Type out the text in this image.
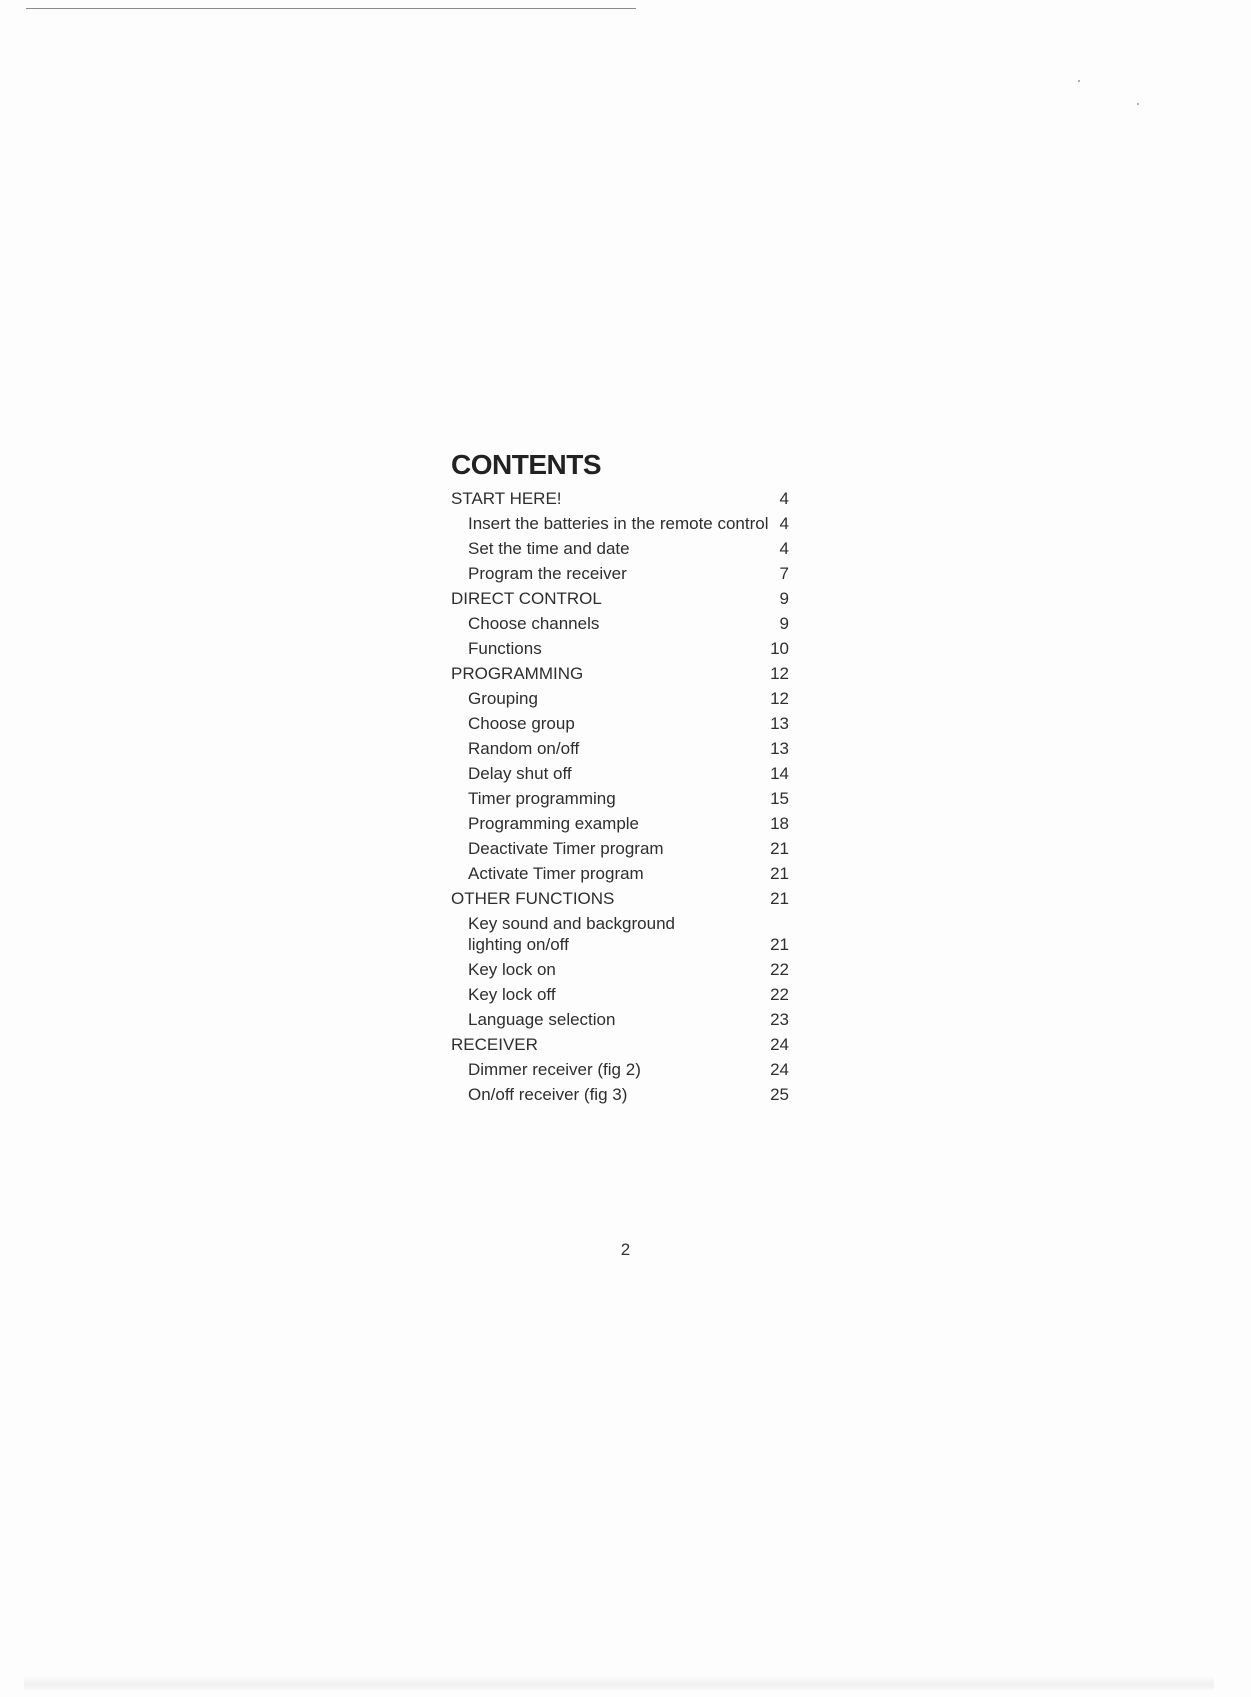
CONTENTS
START HERE!	4
Insert the batteries in the remote control 4
Set the time and date	4
Program the receiver	7
DIRECT CONTROL	9
Choose channels	9
Functions	10
PROGRAMMING	12
Grouping	12
Choose group	13
Random on/off	13
Delay shut off	14
Timer programming	15
Programming example	18
Deactivate Timer program	21
Activate Timer program	21
OTHER FUNCTIONS	21
Key sound and background
lighting on/off	21
Key lock on	22
Key lock off	22
Language selection	23
RECEIVER	24
Dimmer receiver (fig 2)	24
On/off receiver (fig 3)	25
2
